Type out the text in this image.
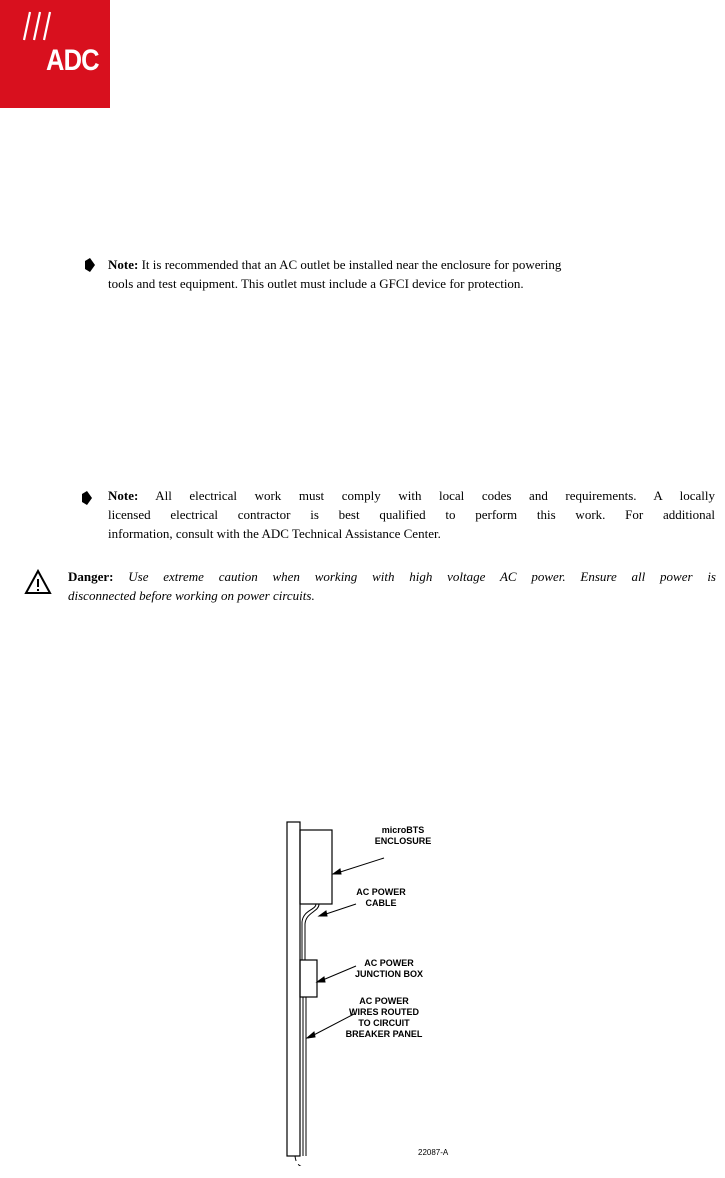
ADC

Note: It is recommended that an AC outlet be installed near the enclosure for powering

tools and test equipment. This outlet must include a GFCI device for protection.

Note: All electrical work must comply with local codes and requirements. A locally

licensed electrical contractor is best qualified to perform this work. For additional

information, consult with the ADC Technical Assistance Center.

Danger: Use extreme caution when working with high voltage AC power. Ensure all power is

disconnected before working on power circuits.

microBTS
ENCLOSURE
AC POWER
CABLE
AC POWER
JUNCTION BOX
AC POWER
WIRES ROUTED
TO CIRCUIT
BREAKER PANEL
22087-A
